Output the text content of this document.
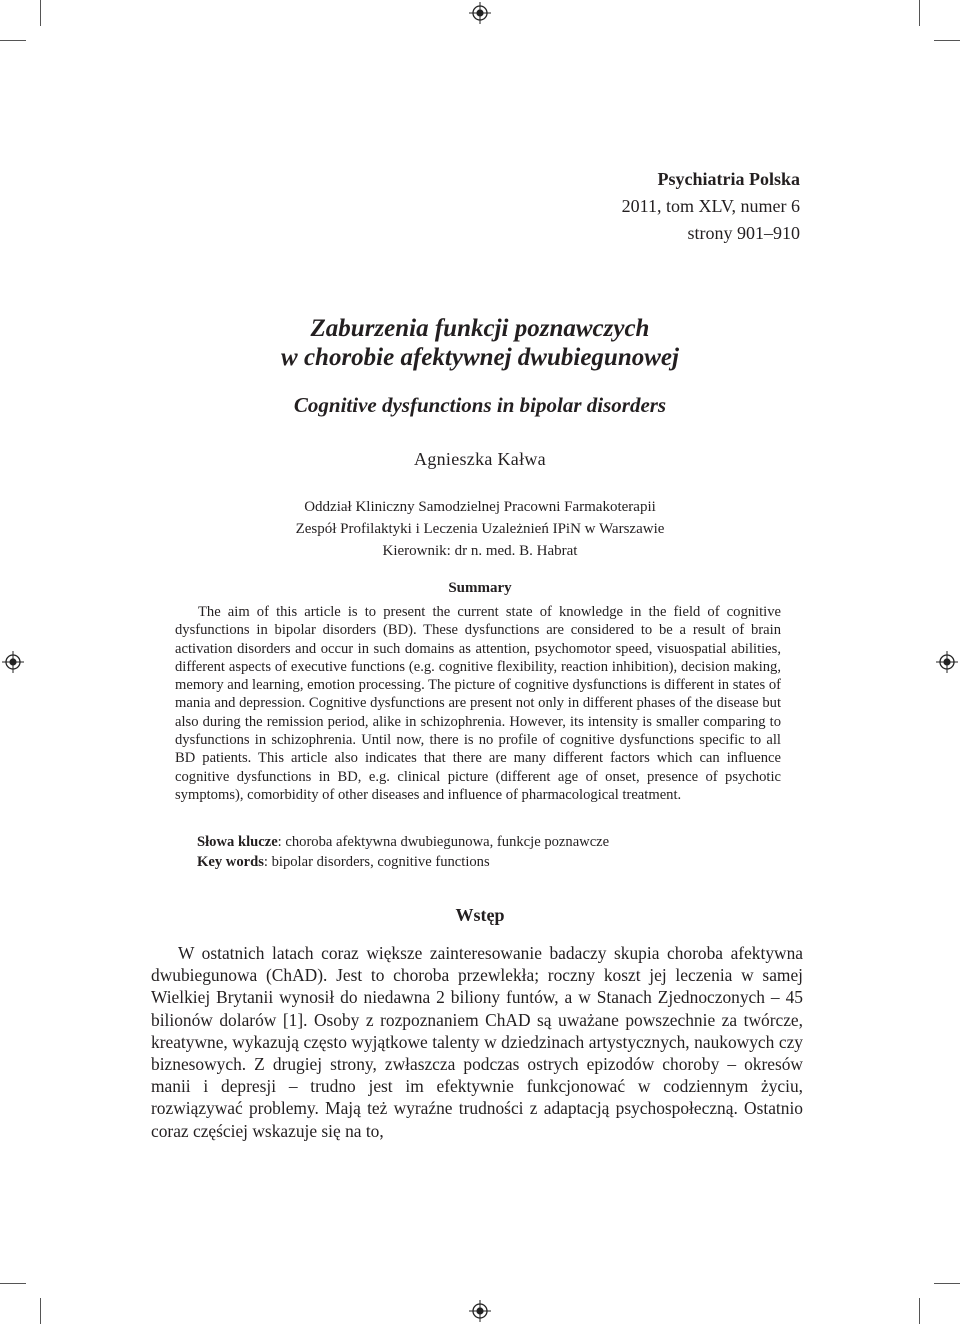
Psychiatria Polska
2011, tom XLV, numer 6
strony 901–910
Zaburzenia funkcji poznawczych
w chorobie afektywnej dwubiegunowej
Cognitive dysfunctions in bipolar disorders
Agnieszka Kałwa
Oddział Kliniczny Samodzielnej Pracowni Farmakoterapii
Zespół Profilaktyki i Leczenia Uzależnień IPiN w Warszawie
Kierownik: dr n. med. B. Habrat
Summary

The aim of this article is to present the current state of knowledge in the field of cognitive dysfunctions in bipolar disorders (BD). These dysfunctions are considered to be a result of brain activation disorders and occur in such domains as attention, psychomotor speed, visuospatial abilities, different aspects of executive functions (e.g. cognitive flexibility, reaction inhibition), decision making, memory and learning, emotion processing. The picture of cognitive dysfunctions is different in states of mania and depression. Cognitive dysfunctions are present not only in different phases of the disease but also during the remission period, alike in schizophrenia. However, its intensity is smaller comparing to dysfunctions in schizophrenia. Until now, there is no profile of cognitive dysfunctions specific to all BD patients. This article also indicates that there are many different factors which can influence cognitive dysfunctions in BD, e.g. clinical picture (different age of onset, presence of psychotic symptoms), comorbidity of other diseases and influence of pharmacological treatment.

Słowa klucze: choroba afektywna dwubiegunowa, funkcje poznawcze
Key words: bipolar disorders, cognitive functions
Wstęp

W ostatnich latach coraz większe zainteresowanie badaczy skupia choroba afektywna dwubiegunowa (ChAD). Jest to choroba przewlekła; roczny koszt jej leczenia w samej Wielkiej Brytanii wynosił do niedawna 2 biliony funtów, a w Stanach Zjednoczonych – 45 bilionów dolarów [1]. Osoby z rozpoznaniem ChAD są uważane powszechnie za twórcze, kreatywne, wykazują często wyjątkowe talenty w dziedzinach artystycznych, naukowych czy biznesowych. Z drugiej strony, zwłaszcza podczas ostrych epizodów choroby – okresów manii i depresji – trudno jest im efektywnie funkcjonować w codziennym życiu, rozwiązywać problemy. Mają też wyraźne trudności z adaptacją psychospołeczną. Ostatnio coraz częściej wskazuje się na to,
